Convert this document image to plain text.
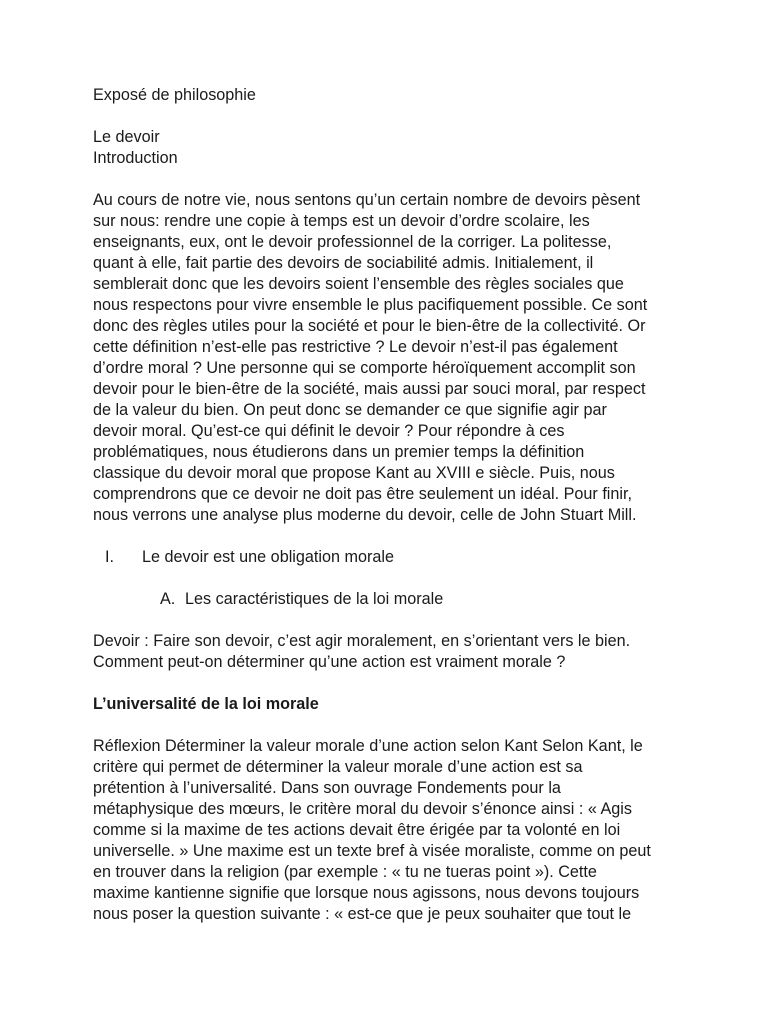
Exposé de philosophie
Le devoir
Introduction
Au cours de notre vie, nous sentons qu’un certain nombre de devoirs pèsent
sur nous: rendre une copie à temps est un devoir d’ordre scolaire, les
enseignants, eux, ont le devoir professionnel de la corriger. La politesse,
quant à elle, fait partie des devoirs de sociabilité admis. Initialement, il
semblerait donc que les devoirs soient l’ensemble des règles sociales que
nous respectons pour vivre ensemble le plus pacifiquement possible. Ce sont
donc des règles utiles pour la société et pour le bien-être de la collectivité. Or
cette définition n’est-elle pas restrictive ? Le devoir n’est-il pas également
d’ordre moral ? Une personne qui se comporte héroïquement accomplit son
devoir pour le bien-être de la société, mais aussi par souci moral, par respect
de la valeur du bien. On peut donc se demander ce que signifie agir par
devoir moral. Qu’est-ce qui définit le devoir ? Pour répondre à ces
problématiques, nous étudierons dans un premier temps la définition
classique du devoir moral que propose Kant au XVIII e siècle. Puis, nous
comprendrons que ce devoir ne doit pas être seulement un idéal. Pour finir,
nous verrons une analyse plus moderne du devoir, celle de John Stuart Mill.
I.	Le devoir est une obligation morale
A. Les caractéristiques de la loi morale
Devoir : Faire son devoir, c’est agir moralement, en s’orientant vers le bien.
Comment peut-on déterminer qu’une action est vraiment morale ?
L’universalité de la loi morale
Réflexion Déterminer la valeur morale d’une action selon Kant Selon Kant, le
critère qui permet de déterminer la valeur morale d’une action est sa
prétention à l’universalité. Dans son ouvrage Fondements pour la
métaphysique des mœurs, le critère moral du devoir s’énonce ainsi : « Agis
comme si la maxime de tes actions devait être érigée par ta volonté en loi
universelle. » Une maxime est un texte bref à visée moraliste, comme on peut
en trouver dans la religion (par exemple : « tu ne tueras point »). Cette
maxime kantienne signifie que lorsque nous agissons, nous devons toujours
nous poser la question suivante : « est-ce que je peux souhaiter que tout le
